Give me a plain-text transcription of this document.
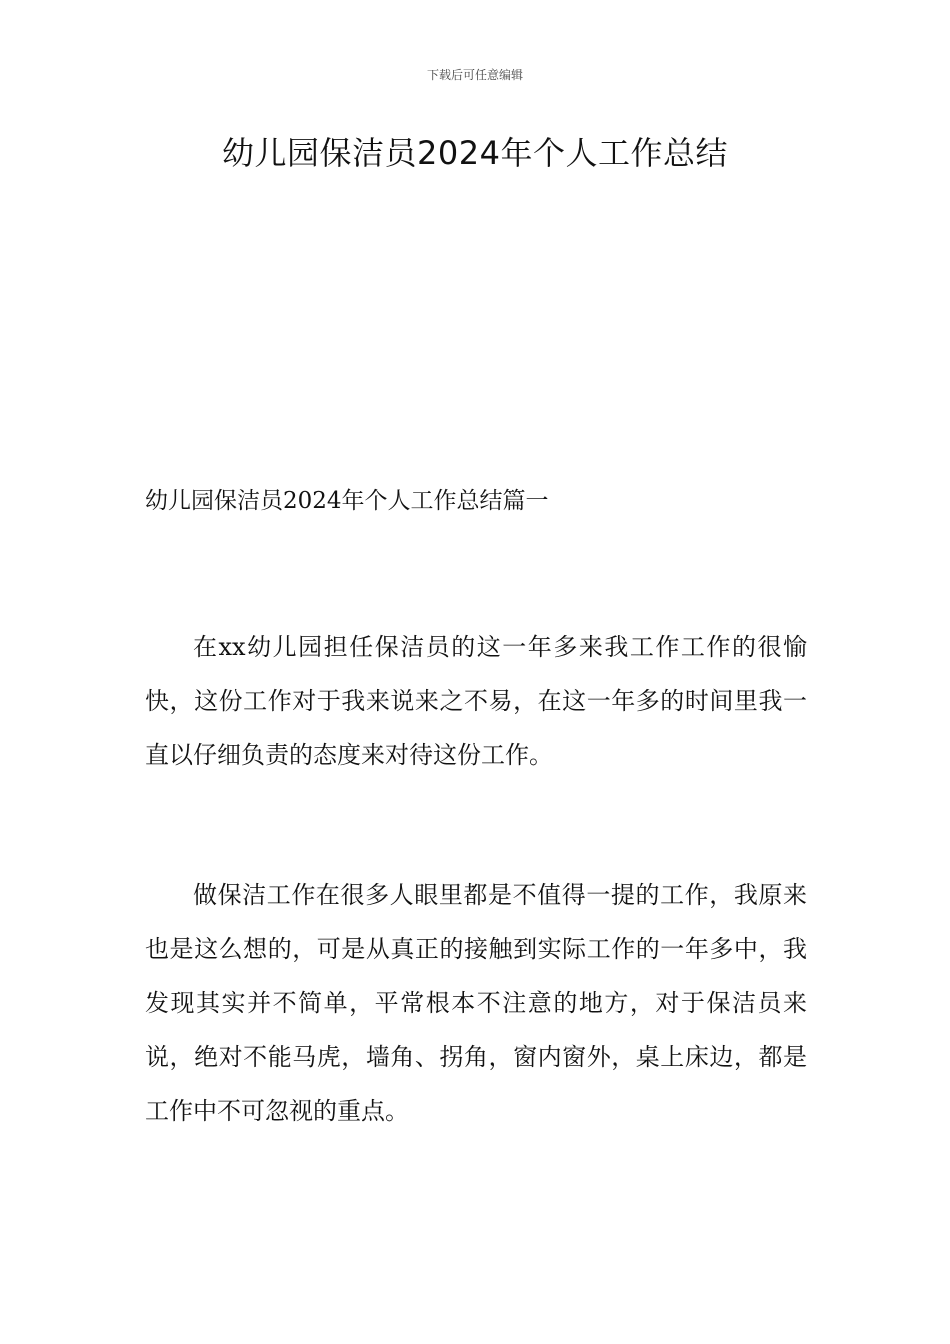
下载后可任意编辑
幼儿园保洁员2024年个人工作总结
幼儿园保洁员2024年个人工作总结篇一

在xx幼儿园担任保洁员的这一年多来我工作工作的很愉快，这份工作对于我来说来之不易，在这一年多的时间里我一直以仔细负责的态度来对待这份工作。

做保洁工作在很多人眼里都是不值得一提的工作，我原来也是这么想的，可是从真正的接触到实际工作的一年多中，我发现其实并不简单，平常根本不注意的地方，对于保洁员来说，绝对不能马虎，墙角、拐角，窗内窗外，桌上床边，都是工作中不可忽视的重点。
